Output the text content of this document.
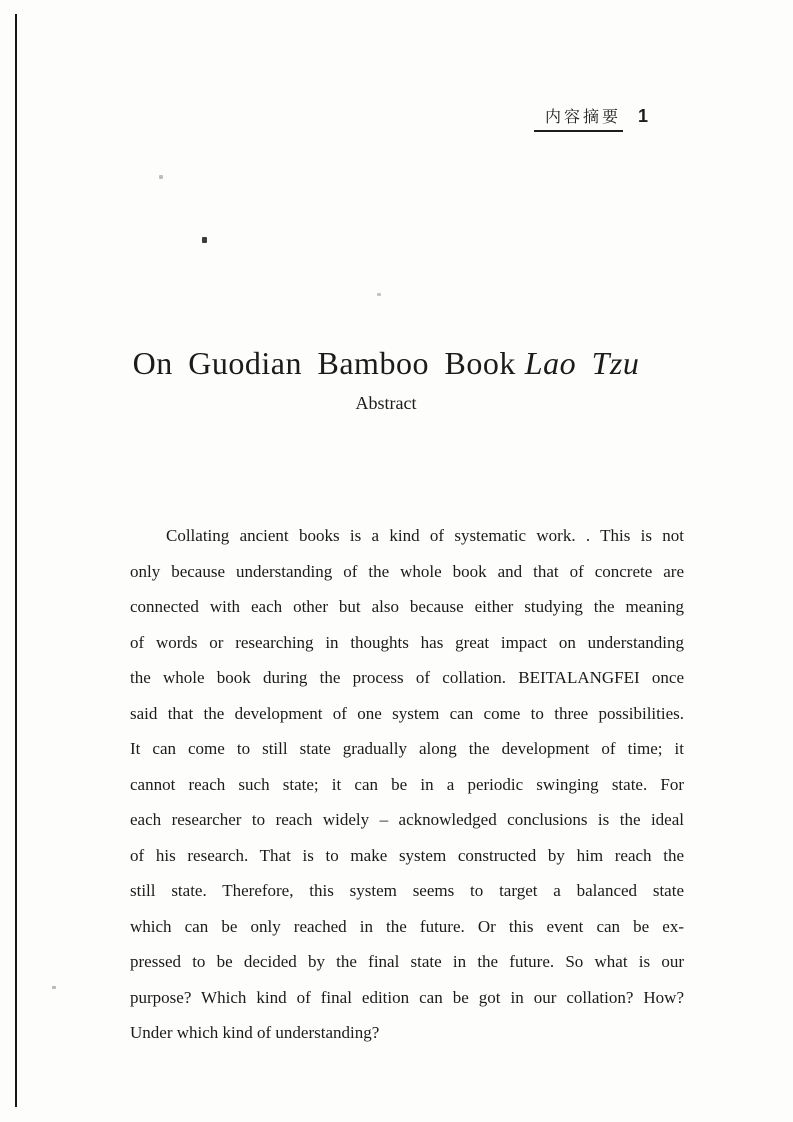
内容摘要 1
On Guodian Bamboo Book Lao Tzu
Abstract
Collating ancient books is a kind of systematic work. . This is not
only because understanding of the whole book and that of concrete are
connected with each other but also because either studying the meaning
of words or researching in thoughts has great impact on understanding
the whole book during the process of collation. BEITALANGFEI once
said that the development of one system can come to three possibilities.
It can come to still state gradually along the development of time; it
cannot reach such state; it can be in a periodic swinging state. For
each researcher to reach widely – acknowledged conclusions is the ideal
of his research. That is to make system constructed by him reach the
still state. Therefore, this system seems to target a balanced state
which can be only reached in the future. Or this event can be ex-
pressed to be decided by the final state in the future. So what is our
purpose? Which kind of final edition can be got in our collation? How?
Under which kind of understanding?
